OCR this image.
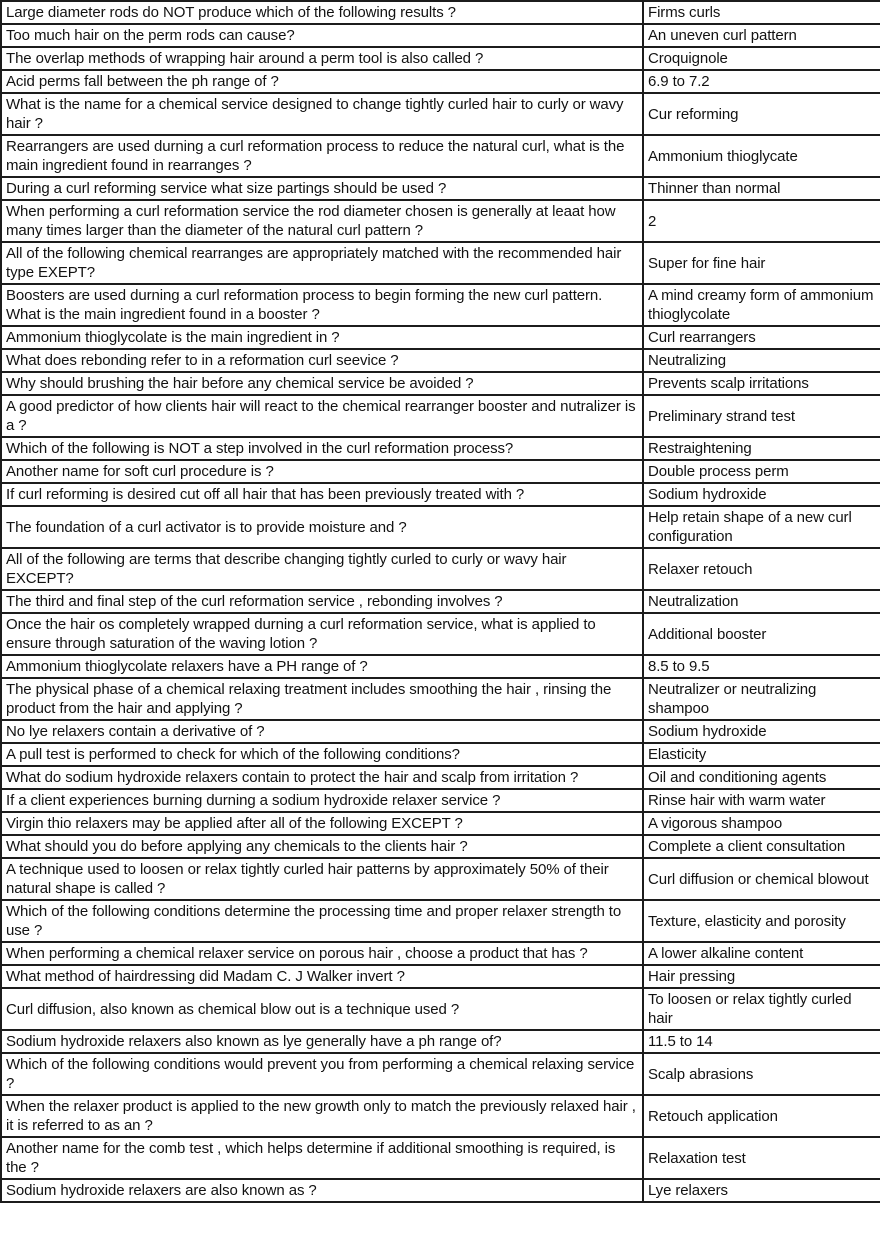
Large diameter rods do NOT produce which of the following results ?	Firms curls
Too much hair on the perm rods can cause?	An uneven curl pattern
The overlap methods of wrapping hair around a perm tool is also called ?	Croquignole
Acid perms fall between the ph range of ?	6.9 to 7.2
What is the name for a chemical service designed to change tightly curled hair to curly or wavy hair ?	Cur reforming
Rearrangers are used durning a curl reformation process to reduce the natural curl, what is the main ingredient found in rearranges ?	Ammonium thioglycate
During a curl reforming service what size partings should be used ?	Thinner than normal
When performing a curl reformation service the rod diameter chosen is generally at leaat how many times larger than the diameter of the natural curl pattern ?	2
All of the following chemical rearranges are appropriately matched with the recommended hair type EXEPT?	Super for fine hair
Boosters are used durning a curl reformation process to begin forming the new curl pattern. What is the main ingredient found in a booster ?	A mind creamy form of ammonium thioglycolate
Ammonium thioglycolate is the main ingredient in ?	Curl rearrangers
What does rebonding refer to in a reformation curl seevice ?	Neutralizing
Why should brushing the hair before any chemical service be avoided ?	Prevents scalp irritations
A good predictor of how clients hair will react to the chemical rearranger booster and nutralizer is a ?	Preliminary strand test
Which of the following is NOT a step involved in the curl reformation process?	Restraightening
Another name for soft curl procedure is ?	Double process perm
If curl reforming is desired cut off all hair that has been previously treated with ?	Sodium hydroxide
The foundation of a curl activator is to provide moisture and ?	Help retain shape of a new curl configuration
All of the following are terms that describe changing tightly curled to curly or wavy hair EXCEPT?	Relaxer retouch
The third and final step of the curl reformation service , rebonding involves ?	Neutralization
Once the hair os completely wrapped durning a curl reformation service, what is applied to ensure through saturation of the waving lotion ?	Additional booster
Ammonium thioglycolate relaxers have a PH range of ?	8.5 to 9.5
The physical phase of a chemical relaxing treatment includes smoothing the hair , rinsing the product from the hair and applying ?	Neutralizer or neutralizing shampoo
No lye relaxers contain a derivative of ?	Sodium hydroxide
A pull test is performed to check for which of the following conditions?	Elasticity
What do sodium hydroxide relaxers contain to protect the hair and scalp from irritation ?	Oil and conditioning agents
If a client experiences burning durning a sodium hydroxide relaxer service ?	Rinse hair with warm water
Virgin thio relaxers may be applied after all of the following EXCEPT ?	A vigorous shampoo
What should you do before applying any chemicals to the clients hair ?	Complete a client consultation
A technique used to loosen or relax tightly curled hair patterns by approximately 50% of their natural shape is called ?	Curl diffusion or chemical blowout
Which of the following conditions determine the processing time and proper relaxer strength to use ?	Texture, elasticity and porosity
When performing a chemical relaxer service on porous hair , choose a product that has ?	A lower alkaline content
What method of hairdressing did Madam C. J Walker invert ?	Hair pressing
Curl diffusion, also known as chemical blow out is a technique used ?	To loosen or relax tightly curled hair
Sodium hydroxide relaxers also known as lye generally have a ph range of?	11.5 to 14
Which of the following conditions would prevent you from performing a chemical relaxing service ?	Scalp abrasions
When the relaxer product is applied to the new growth only to match the previously relaxed hair , it is referred to as an ?	Retouch application
Another name for the comb test , which helps determine if additional smoothing is required, is the ?	Relaxation test
Sodium hydroxide relaxers are also known as ?	Lye relaxers
